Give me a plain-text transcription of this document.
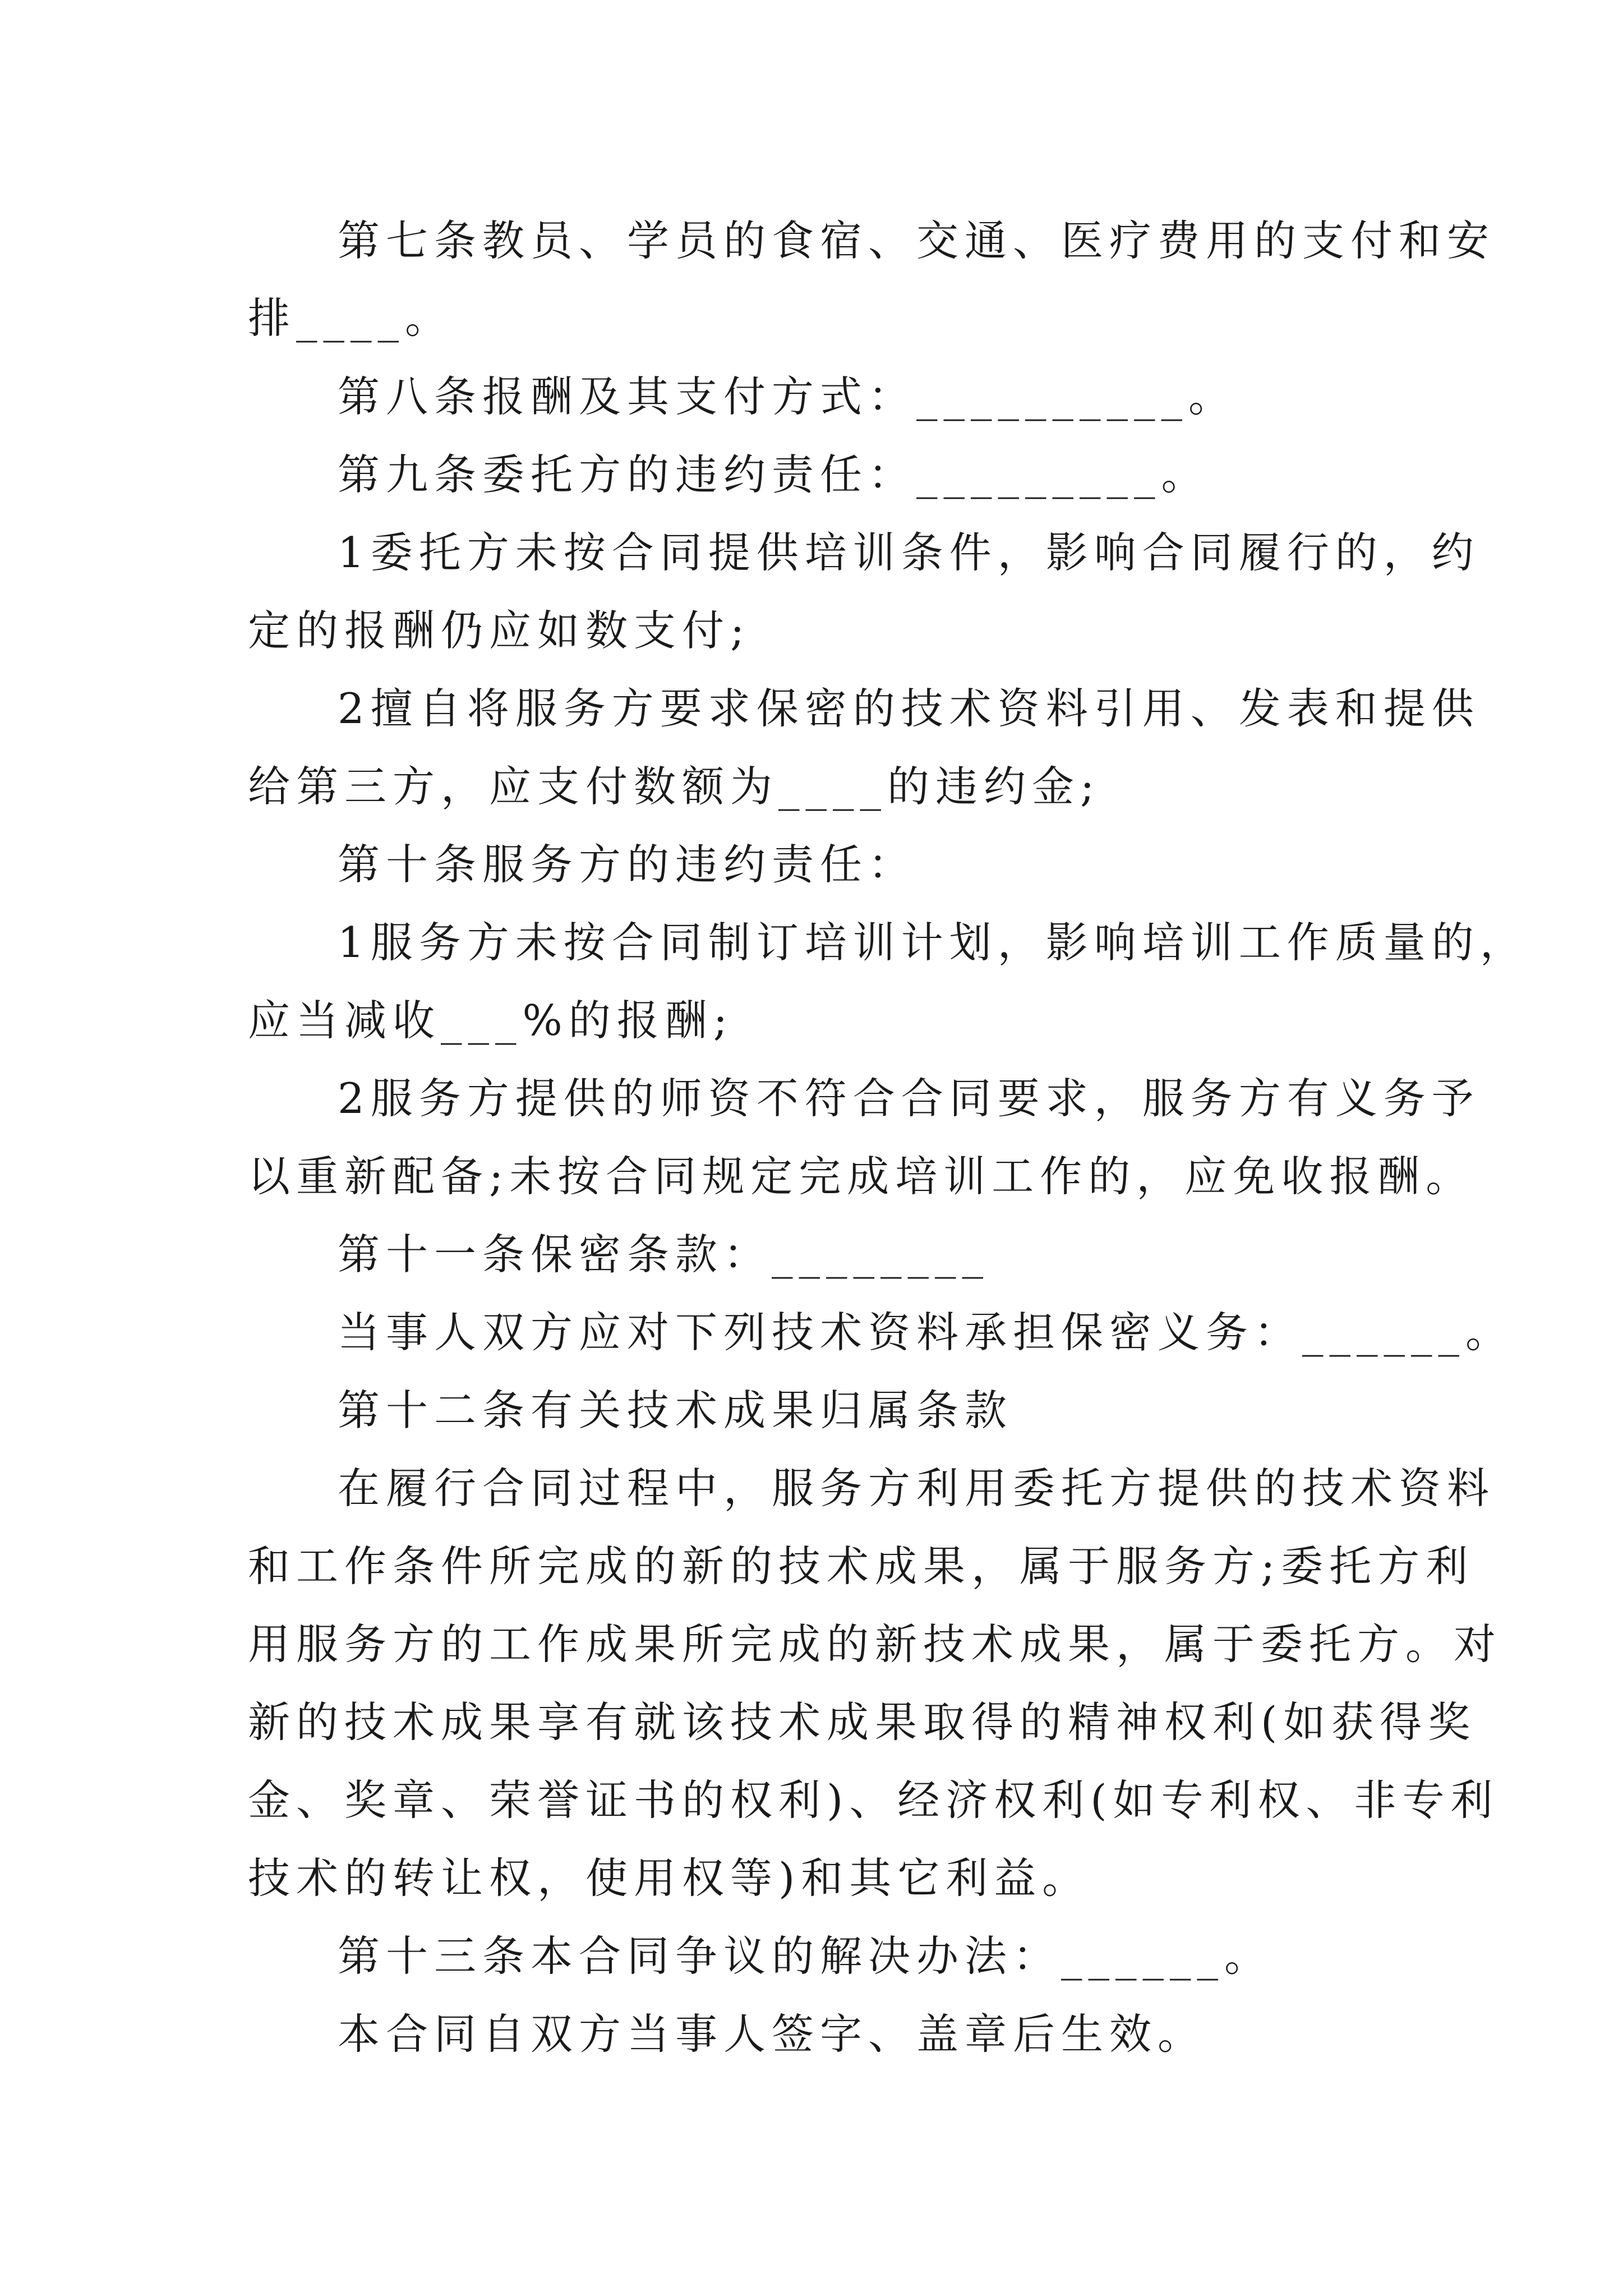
第七条教员、学员的食宿、交通、医疗费用的支付和安
排____。
第八条报酬及其支付方式：__________。
第九条委托方的违约责任：_________。
1委托方未按合同提供培训条件，影响合同履行的，约
定的报酬仍应如数支付;
2擅自将服务方要求保密的技术资料引用、发表和提供
给第三方，应支付数额为____的违约金;
第十条服务方的违约责任：
1服务方未按合同制订培训计划，影响培训工作质量的，
应当减收___%的报酬;
2服务方提供的师资不符合合同要求，服务方有义务予
以重新配备;未按合同规定完成培训工作的，应免收报酬。
第十一条保密条款：________
当事人双方应对下列技术资料承担保密义务：______。
第十二条有关技术成果归属条款
在履行合同过程中，服务方利用委托方提供的技术资料
和工作条件所完成的新的技术成果，属于服务方;委托方利
用服务方的工作成果所完成的新技术成果，属于委托方。对
新的技术成果享有就该技术成果取得的精神权利(如获得奖
金、奖章、荣誉证书的权利)、经济权利(如专利权、非专利
技术的转让权，使用权等)和其它利益。
第十三条本合同争议的解决办法：______。
本合同自双方当事人签字、盖章后生效。
